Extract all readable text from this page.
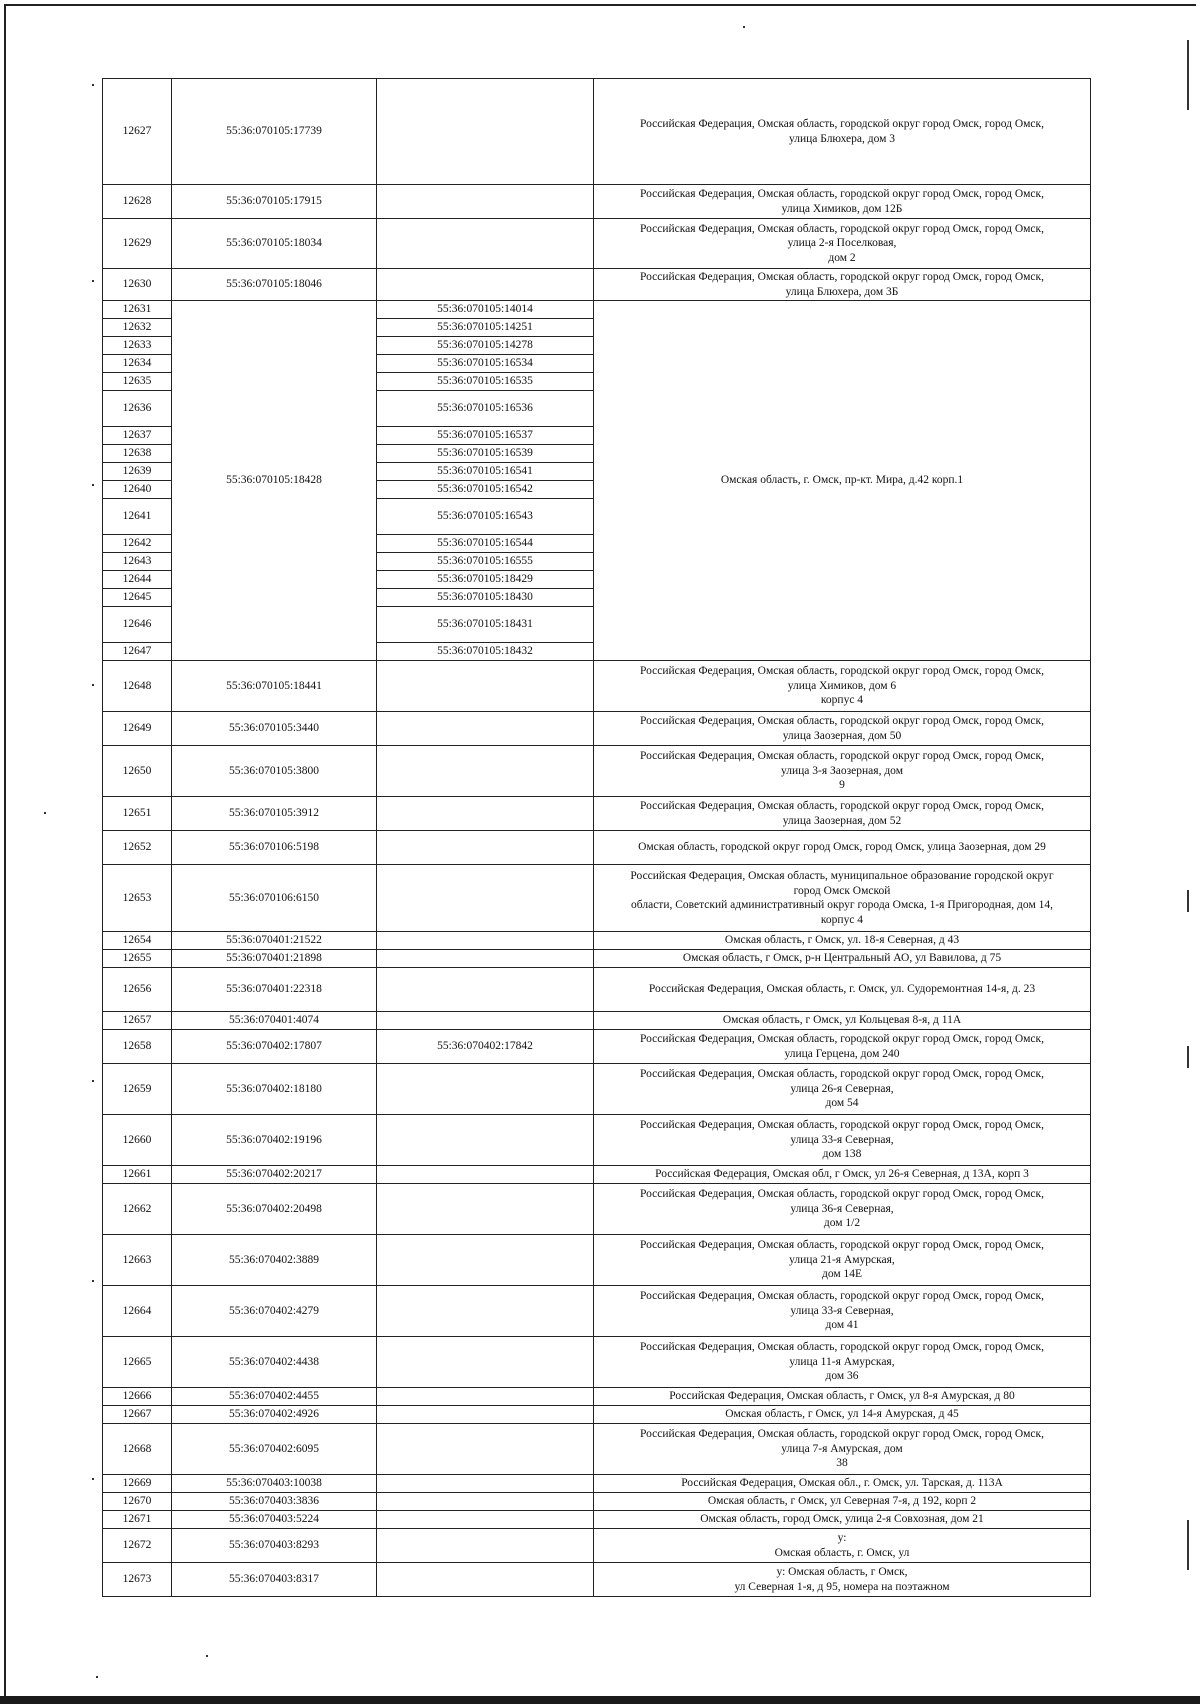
12627	55:36:070105:17739		Российская Федерация, Омская область, городской округ город Омск, город Омск,
улица Блюхера, дом 3

12628	55:36:070105:17915		Российская Федерация, Омская область, городской округ город Омск, город Омск,
улица Химиков, дом 12Б

12629	55:36:070105:18034		Российская Федерация, Омская область, городской округ город Омск, город Омск,
улица 2-я Поселковая,
дом 2

12630	55:36:070105:18046		Российская Федерация, Омская область, городской округ город Омск, город Омск,
улица Блюхера, дом 3Б

12631	55:36:070105:18428	55:36:070105:14014	Омская область, г. Омск, пр-кт. Мира, д.42 корп.1

12632		55:36:070105:14251	
12633		55:36:070105:14278	
12634		55:36:070105:16534	
12635		55:36:070105:16535	
12636		55:36:070105:16536	
12637		55:36:070105:16537	
12638		55:36:070105:16539	
12639		55:36:070105:16541	
12640		55:36:070105:16542	
12641		55:36:070105:16543	
12642		55:36:070105:16544	
12643		55:36:070105:16555	
12644		55:36:070105:18429	
12645		55:36:070105:18430	
12646		55:36:070105:18431	
12647		55:36:070105:18432	
12648	55:36:070105:18441		Российская Федерация, Омская область, городской округ город Омск, город Омск,
улица Химиков, дом 6
корпус 4

12649	55:36:070105:3440		Российская Федерация, Омская область, городской округ город Омск, город Омск,
улица Заозерная, дом 50

12650	55:36:070105:3800		Российская Федерация, Омская область, городской округ город Омск, город Омск,
улица 3-я Заозерная, дом
9

12651	55:36:070105:3912		Российская Федерация, Омская область, городской округ город Омск, город Омск,
улица Заозерная, дом 52

12652	55:36:070106:5198		Омская область, городской округ город Омск, город Омск, улица Заозерная, дом 29

12653	55:36:070106:6150		Российская Федерация, Омская область, муниципальное образование городской округ
город Омск Омской
области, Советский административный округ города Омска, 1-я Пригородная, дом 14,
корпус 4

12654	55:36:070401:21522		Омская область, г Омск, ул. 18-я Северная, д 43

12655	55:36:070401:21898		Омская область, г Омск, р-н Центральный АО, ул Вавилова, д 75

12656	55:36:070401:22318		Российская Федерация, Омская область, г. Омск, ул. Судоремонтная 14-я, д. 23

12657	55:36:070401:4074		Омская область, г Омск, ул Кольцевая 8-я, д 11А

12658	55:36:070402:17807	55:36:070402:17842	Российская Федерация, Омская область, городской округ город Омск, город Омск,
улица Герцена, дом 240

12659	55:36:070402:18180		Российская Федерация, Омская область, городской округ город Омск, город Омск,
улица 26-я Северная,
дом 54

12660	55:36:070402:19196		Российская Федерация, Омская область, городской округ город Омск, город Омск,
улица 33-я Северная,
дом 138

12661	55:36:070402:20217		Российская Федерация, Омская обл, г Омск, ул 26-я Северная, д 13А, корп 3

12662	55:36:070402:20498		Российская Федерация, Омская область, городской округ город Омск, город Омск,
улица 36-я Северная,
дом 1/2

12663	55:36:070402:3889		Российская Федерация, Омская область, городской округ город Омск, город Омск,
улица 21-я Амурская,
дом 14Е

12664	55:36:070402:4279		Российская Федерация, Омская область, городской округ город Омск, город Омск,
улица 33-я Северная,
дом 41

12665	55:36:070402:4438		Российская Федерация, Омская область, городской округ город Омск, город Омск,
улица 11-я Амурская,
дом 36

12666	55:36:070402:4455		Российская Федерация, Омская область, г Омск, ул 8-я Амурская, д 80

12667	55:36:070402:4926		Омская область, г Омск, ул 14-я Амурская, д 45

12668	55:36:070402:6095		Российская Федерация, Омская область, городской округ город Омск, город Омск,
улица 7-я Амурская, дом
38

12669	55:36:070403:10038		Российская Федерация, Омская обл., г. Омск, ул. Тарская, д. 113А

12670	55:36:070403:3836		Омская область, г Омск, ул Северная 7-я, д 192, корп 2

12671	55:36:070403:5224		Омская область, город Омск, улица 2-я Совхозная, дом 21

12672	55:36:070403:8293		у:
Омская область, г. Омск, ул

12673	55:36:070403:8317		у: Омская область, г Омск,
ул Северная 1-я, д 95, номера на поэтажном
